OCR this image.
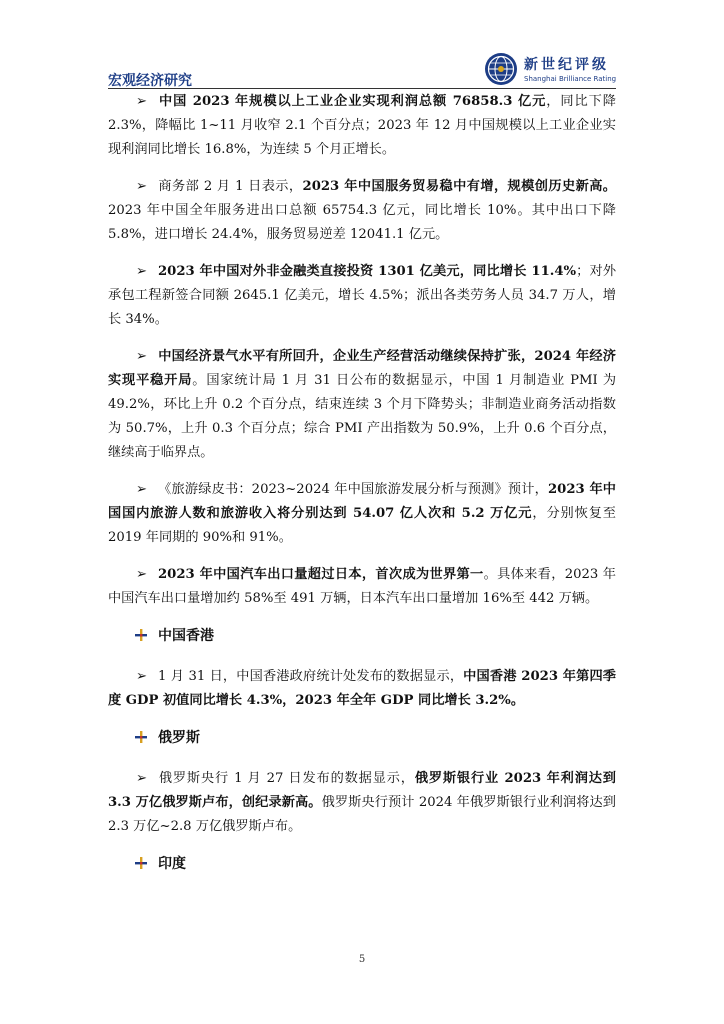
宏观经济研究
新世纪评级
Shanghai Brilliance Rating

➢ 中国 2023 年规模以上工业企业实现利润总额 76858.3 亿元，同比下降 2.3%，降幅比 1~11 月收窄 2.1 个百分点；2023 年 12 月中国规模以上工业企业实现利润同比增长 16.8%，为连续 5 个月正增长。

➢ 商务部 2 月 1 日表示，2023 年中国服务贸易稳中有增，规模创历史新高。2023 年中国全年服务进出口总额 65754.3 亿元，同比增长 10%。其中出口下降 5.8%，进口增长 24.4%，服务贸易逆差 12041.1 亿元。

➢ 2023 年中国对外非金融类直接投资 1301 亿美元，同比增长 11.4%；对外承包工程新签合同额 2645.1 亿美元，增长 4.5%；派出各类劳务人员 34.7 万人，增长 34%。

➢ 中国经济景气水平有所回升，企业生产经营活动继续保持扩张，2024 年经济实现平稳开局。国家统计局 1 月 31 日公布的数据显示，中国 1 月制造业 PMI 为 49.2%，环比上升 0.2 个百分点，结束连续 3 个月下降势头；非制造业商务活动指数为 50.7%，上升 0.3 个百分点；综合 PMI 产出指数为 50.9%，上升 0.6 个百分点，继续高于临界点。

➢ 《旅游绿皮书：2023~2024 年中国旅游发展分析与预测》预计，2023 年中国国内旅游人数和旅游收入将分别达到 54.07 亿人次和 5.2 万亿元，分别恢复至 2019 年同期的 90%和 91%。

➢ 2023 年中国汽车出口量超过日本，首次成为世界第一。具体来看，2023 年中国汽车出口量增加约 58%至 491 万辆，日本汽车出口量增加 16%至 442 万辆。

中国香港

➢ 1 月 31 日，中国香港政府统计处发布的数据显示，中国香港 2023 年第四季度 GDP 初值同比增长 4.3%，2023 年全年 GDP 同比增长 3.2%。

俄罗斯

➢ 俄罗斯央行 1 月 27 日发布的数据显示，俄罗斯银行业 2023 年利润达到 3.3 万亿俄罗斯卢布，创纪录新高。俄罗斯央行预计 2024 年俄罗斯银行业利润将达到 2.3 万亿~2.8 万亿俄罗斯卢布。

印度
5
